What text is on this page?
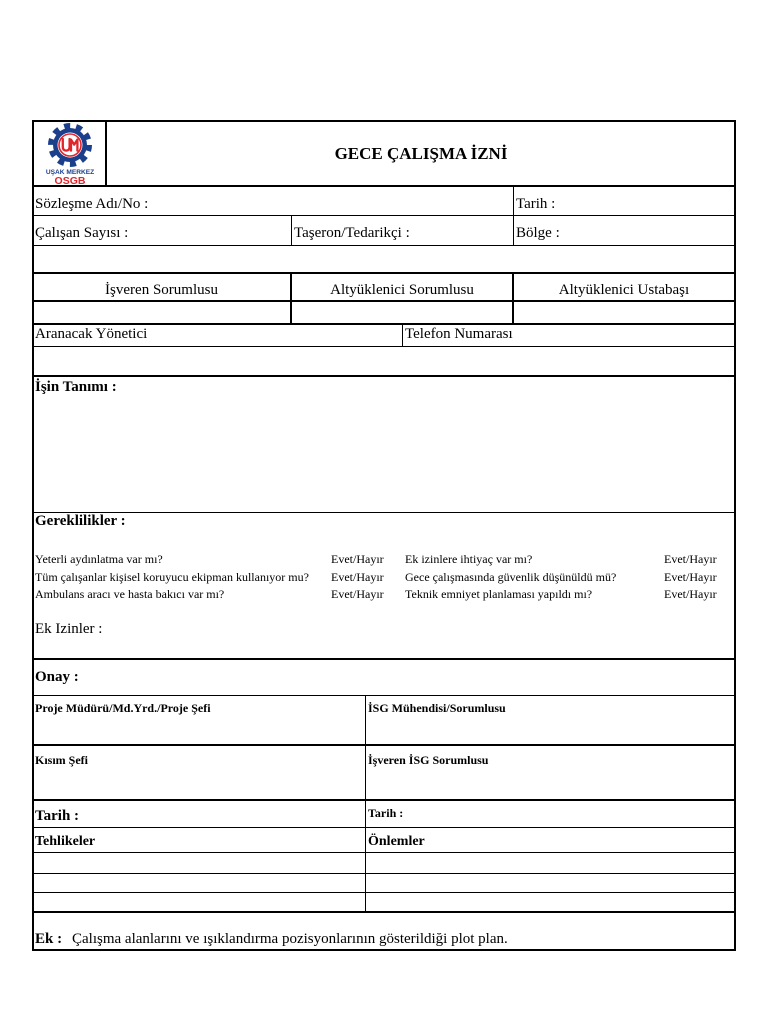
UŞAK MERKEZ
OSGB
GECE ÇALIŞMA İZNİ
Sözleşme Adı/No :	Tarih :
Çalışan Sayısı :	Taşeron/Tedarikçi :	Bölge :
İşveren Sorumlusu	Altyüklenici Sorumlusu	Altyüklenici Ustabaşı
Aranacak Yönetici	Telefon Numarası
İşin Tanımı :
Gereklilikler :
Yeterli aydınlatma var mı?	Evet/Hayır Ek izinlere ihtiyaç var mı?	Evet/Hayır
Tüm çalışanlar kişisel koruyucu ekipman kullanıyor mu? Evet/Hayır Gece çalışmasında güvenlik düşünüldü mü?	Evet/Hayır
Ambulans aracı ve hasta bakıcı var mı?	Evet/Hayır Teknik emniyet planlaması yapıldı mı?	Evet/Hayır
Ek Izinler :
Onay :
Proje Müdürü/Md.Yrd./Proje Şefi	İSG Mühendisi/Sorumlusu
Kısım Şefi	İşveren İSG Sorumlusu
Tarih :	Tarih :
Tehlikeler	Önlemler
Ek : Çalışma alanlarını ve ışıklandırma pozisyonlarının gösterildiği plot plan.
